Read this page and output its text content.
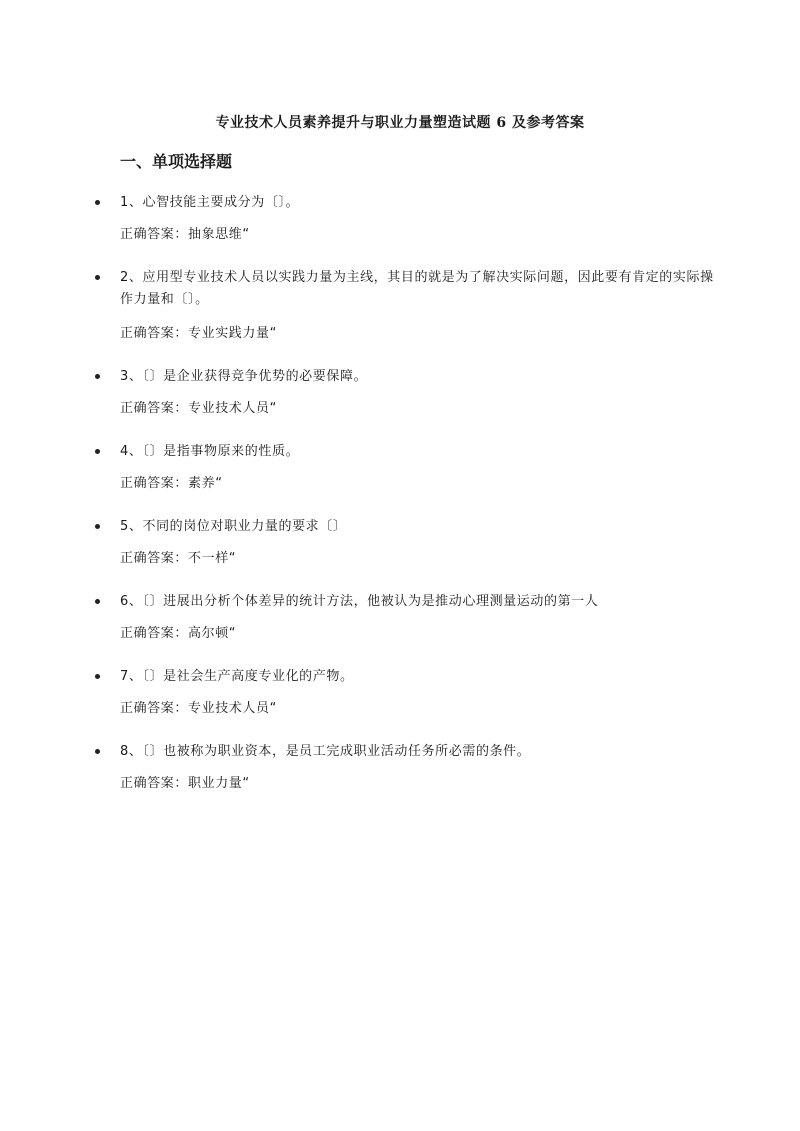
专业技术人员素养提升与职业力量塑造试题 6 及参考答案
一、单项选择题
1、心智技能主要成分为〔〕。
正确答案：抽象思维“
2、应用型专业技术人员以实践力量为主线，其目的就是为了解决实际问题，因此要有肯定的实际操作力量和〔〕。
正确答案：专业实践力量“
3、〔〕是企业获得竞争优势的必要保障。
正确答案：专业技术人员“
4、〔〕是指事物原来的性质。
正确答案：素养“
5、不同的岗位对职业力量的要求〔〕
正确答案：不一样“
6、〔〕进展出分析个体差异的统计方法，他被认为是推动心理测量运动的第一人
正确答案：高尔顿“
7、〔〕是社会生产高度专业化的产物。
正确答案：专业技术人员“
8、〔〕也被称为职业资本，是员工完成职业活动任务所必需的条件。
正确答案：职业力量“
